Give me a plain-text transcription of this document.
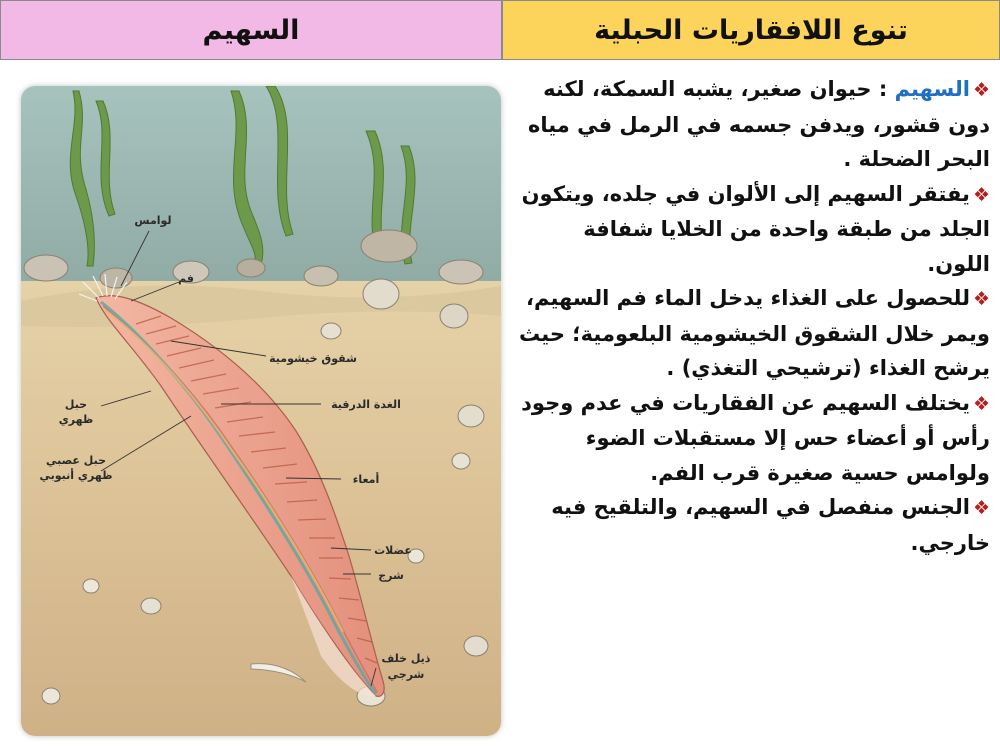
السهيم	تنوع اللافقاريات الحبلية
لوامس
فم
شقوق خيشومية
الغدة الدرقية
حبل
ظهري
حبل عصبي
ظهري أنبوبي	أمعاء
عضلات
شرج
ذيل خلف
شرجي

❖السهيم : حيوان صغير، يشبه السمكة، لكنه دون قشور، ويدفن جسمه في الرمل في مياه البحر الضحلة .

❖يفتقر السهيم إلى الألوان في جلده، ويتكون الجلد من طبقة واحدة من الخلايا شفافة اللون.

❖للحصول على الغذاء يدخل الماء فم السهيم، ويمر خلال الشقوق الخيشومية البلعومية؛ حيث يرشح الغذاء (ترشيحي التغذي) .

❖يختلف السهيم عن الفقاريات في عدم وجود رأس أو أعضاء حس إلا مستقبلات الضوء ولوامس حسية صغيرة قرب الفم.

❖الجنس منفصل في السهيم، والتلقيح فيه خارجي.
